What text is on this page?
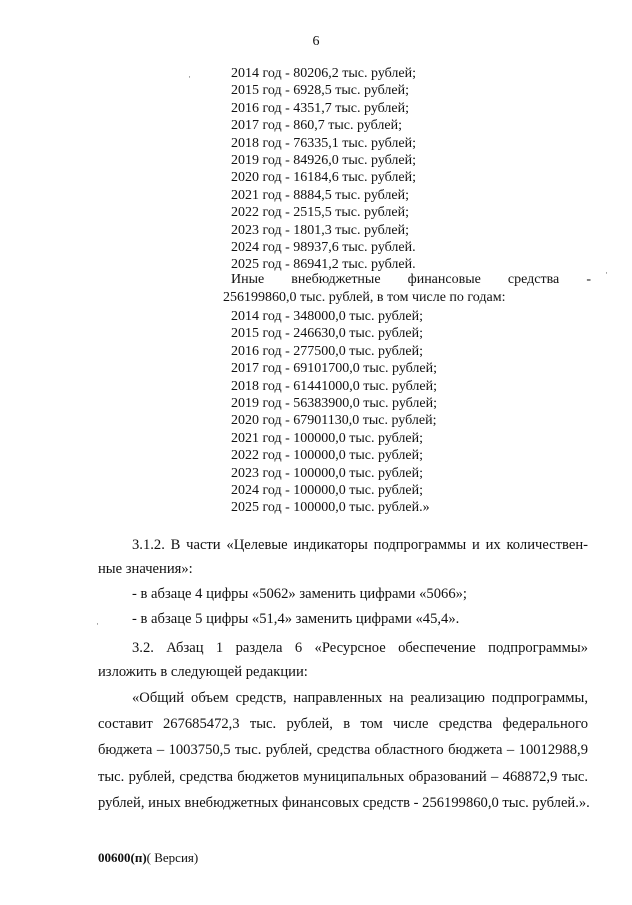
6
2014 год - 80206,2 тыс. рублей;
2015 год - 6928,5 тыс. рублей;
2016 год - 4351,7 тыс. рублей;
2017 год - 860,7 тыс. рублей;
2018 год - 76335,1 тыс. рублей;
2019 год - 84926,0 тыс. рублей;
2020 год - 16184,6 тыс. рублей;
2021 год - 8884,5 тыс. рублей;
2022 год - 2515,5 тыс. рублей;
2023 год - 1801,3 тыс. рублей;
2024 год - 98937,6 тыс. рублей.
2025 год - 86941,2 тыс. рублей.
Иные внебюджетные финансовые средства -
256199860,0 тыс. рублей, в том числе по годам:
2014 год - 348000,0 тыс. рублей;
2015 год - 246630,0 тыс. рублей;
2016 год - 277500,0 тыс. рублей;
2017 год - 69101700,0 тыс. рублей;
2018 год - 61441000,0 тыс. рублей;
2019 год - 56383900,0 тыс. рублей;
2020 год - 67901130,0 тыс. рублей;
2021 год - 100000,0 тыс. рублей;
2022 год - 100000,0 тыс. рублей;
2023 год - 100000,0 тыс. рублей;
2024 год - 100000,0 тыс. рублей;
2025 год - 100000,0 тыс. рублей.»
3.1.2. В части «Целевые индикаторы подпрограммы и их количествен-
ные значения»:
- в абзаце 4 цифры «5062» заменить цифрами «5066»;
- в абзаце 5 цифры «51,4» заменить цифрами «45,4».
3.2. Абзац 1 раздела 6 «Ресурсное обеспечение подпрограммы»
изложить в следующей редакции:
«Общий объем средств, направленных на реализацию подпрограммы,
составит 267685472,3 тыс. рублей, в том числе средства федерального
бюджета – 1003750,5 тыс. рублей, средства областного бюджета – 10012988,9
тыс. рублей, средства бюджетов муниципальных образований – 468872,9 тыс.
рублей, иных внебюджетных финансовых средств - 256199860,0 тыс. рублей.».
00600(п)( Версия)
·
·
·
